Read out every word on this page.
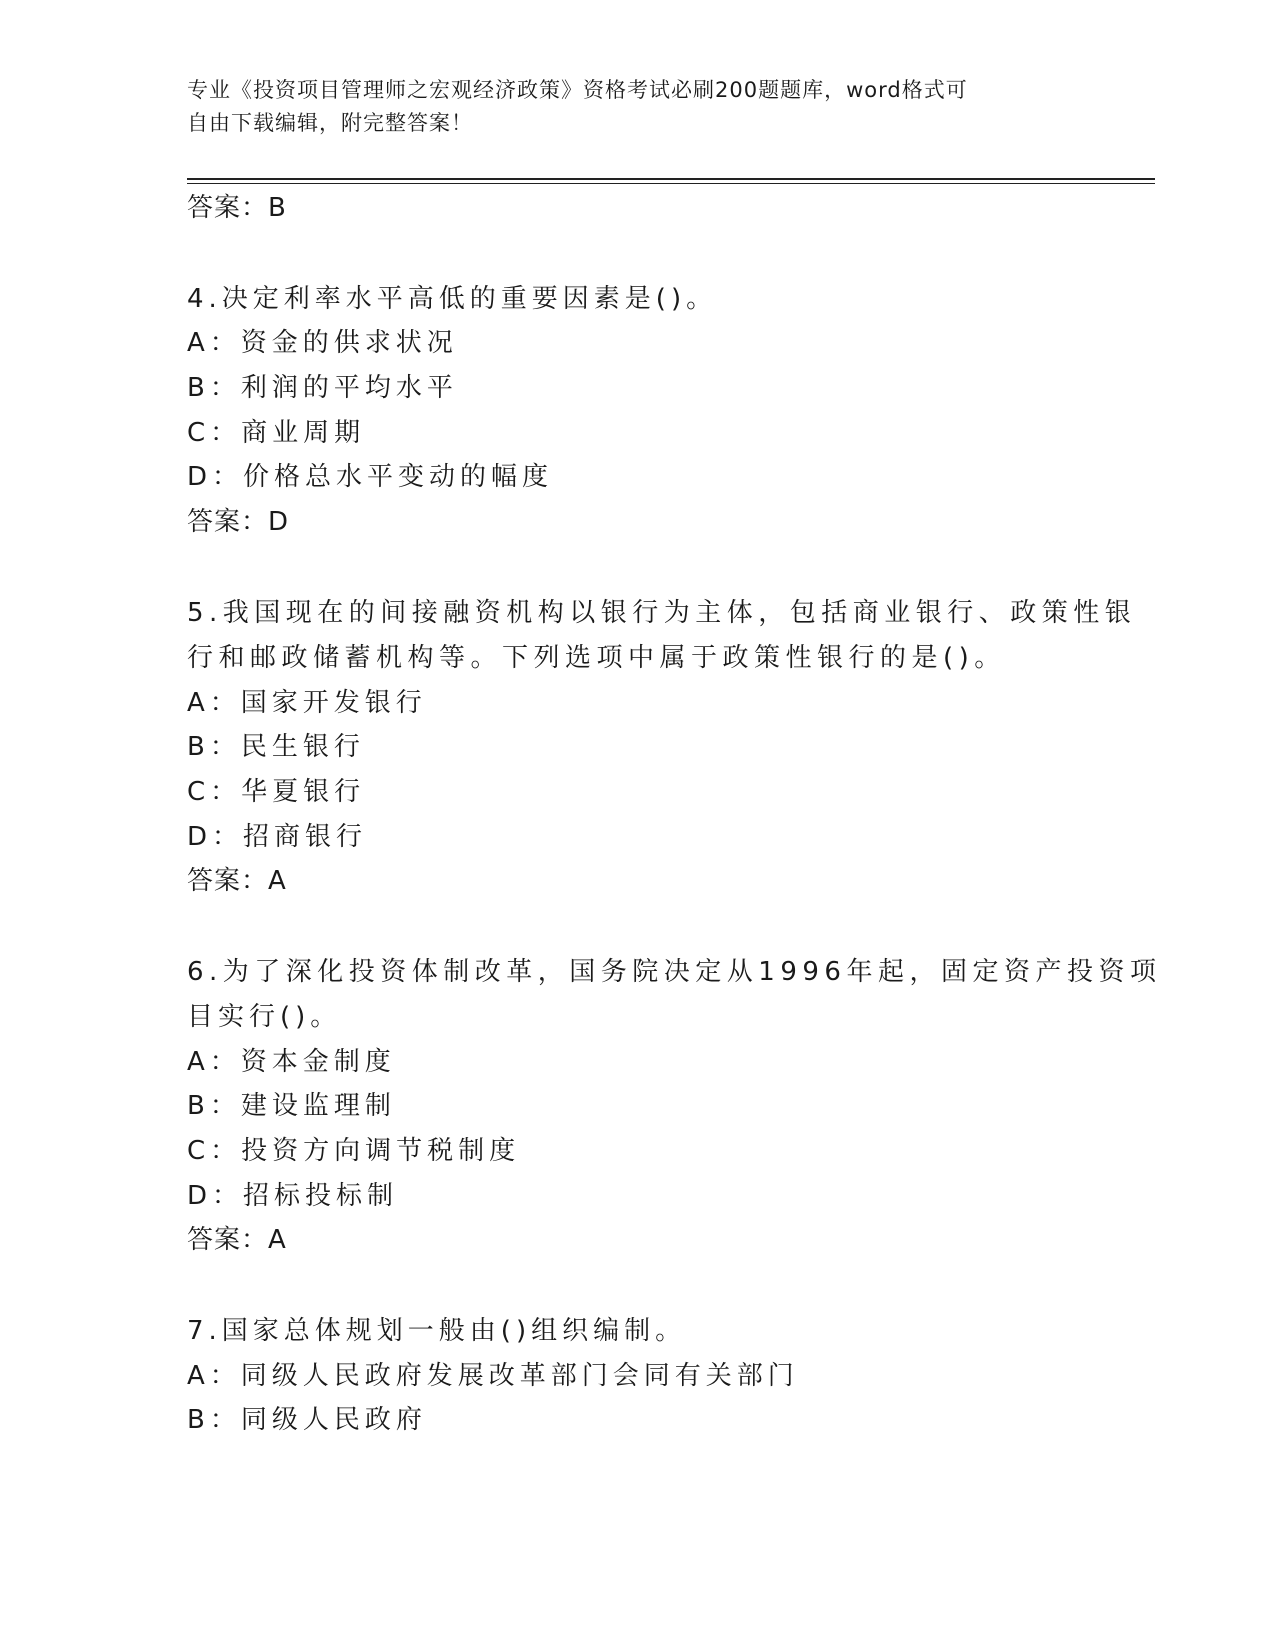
专业《投资项目管理师之宏观经济政策》资格考试必刷200题题库，word格式可
自由下载编辑，附完整答案！

答案：B

4.决定利率水平高低的重要因素是()。

A：资金的供求状况

B：利润的平均水平

C：商业周期

D：价格总水平变动的幅度

答案：D

5.我国现在的间接融资机构以银行为主体，包括商业银行、政策性银

行和邮政储蓄机构等。下列选项中属于政策性银行的是()。

A：国家开发银行

B：民生银行

C：华夏银行

D：招商银行

答案：A

6.为了深化投资体制改革，国务院决定从1996年起，固定资产投资项

目实行()。

A：资本金制度

B：建设监理制

C：投资方向调节税制度

D：招标投标制

答案：A

7.国家总体规划一般由()组织编制。

A：同级人民政府发展改革部门会同有关部门

B：同级人民政府
